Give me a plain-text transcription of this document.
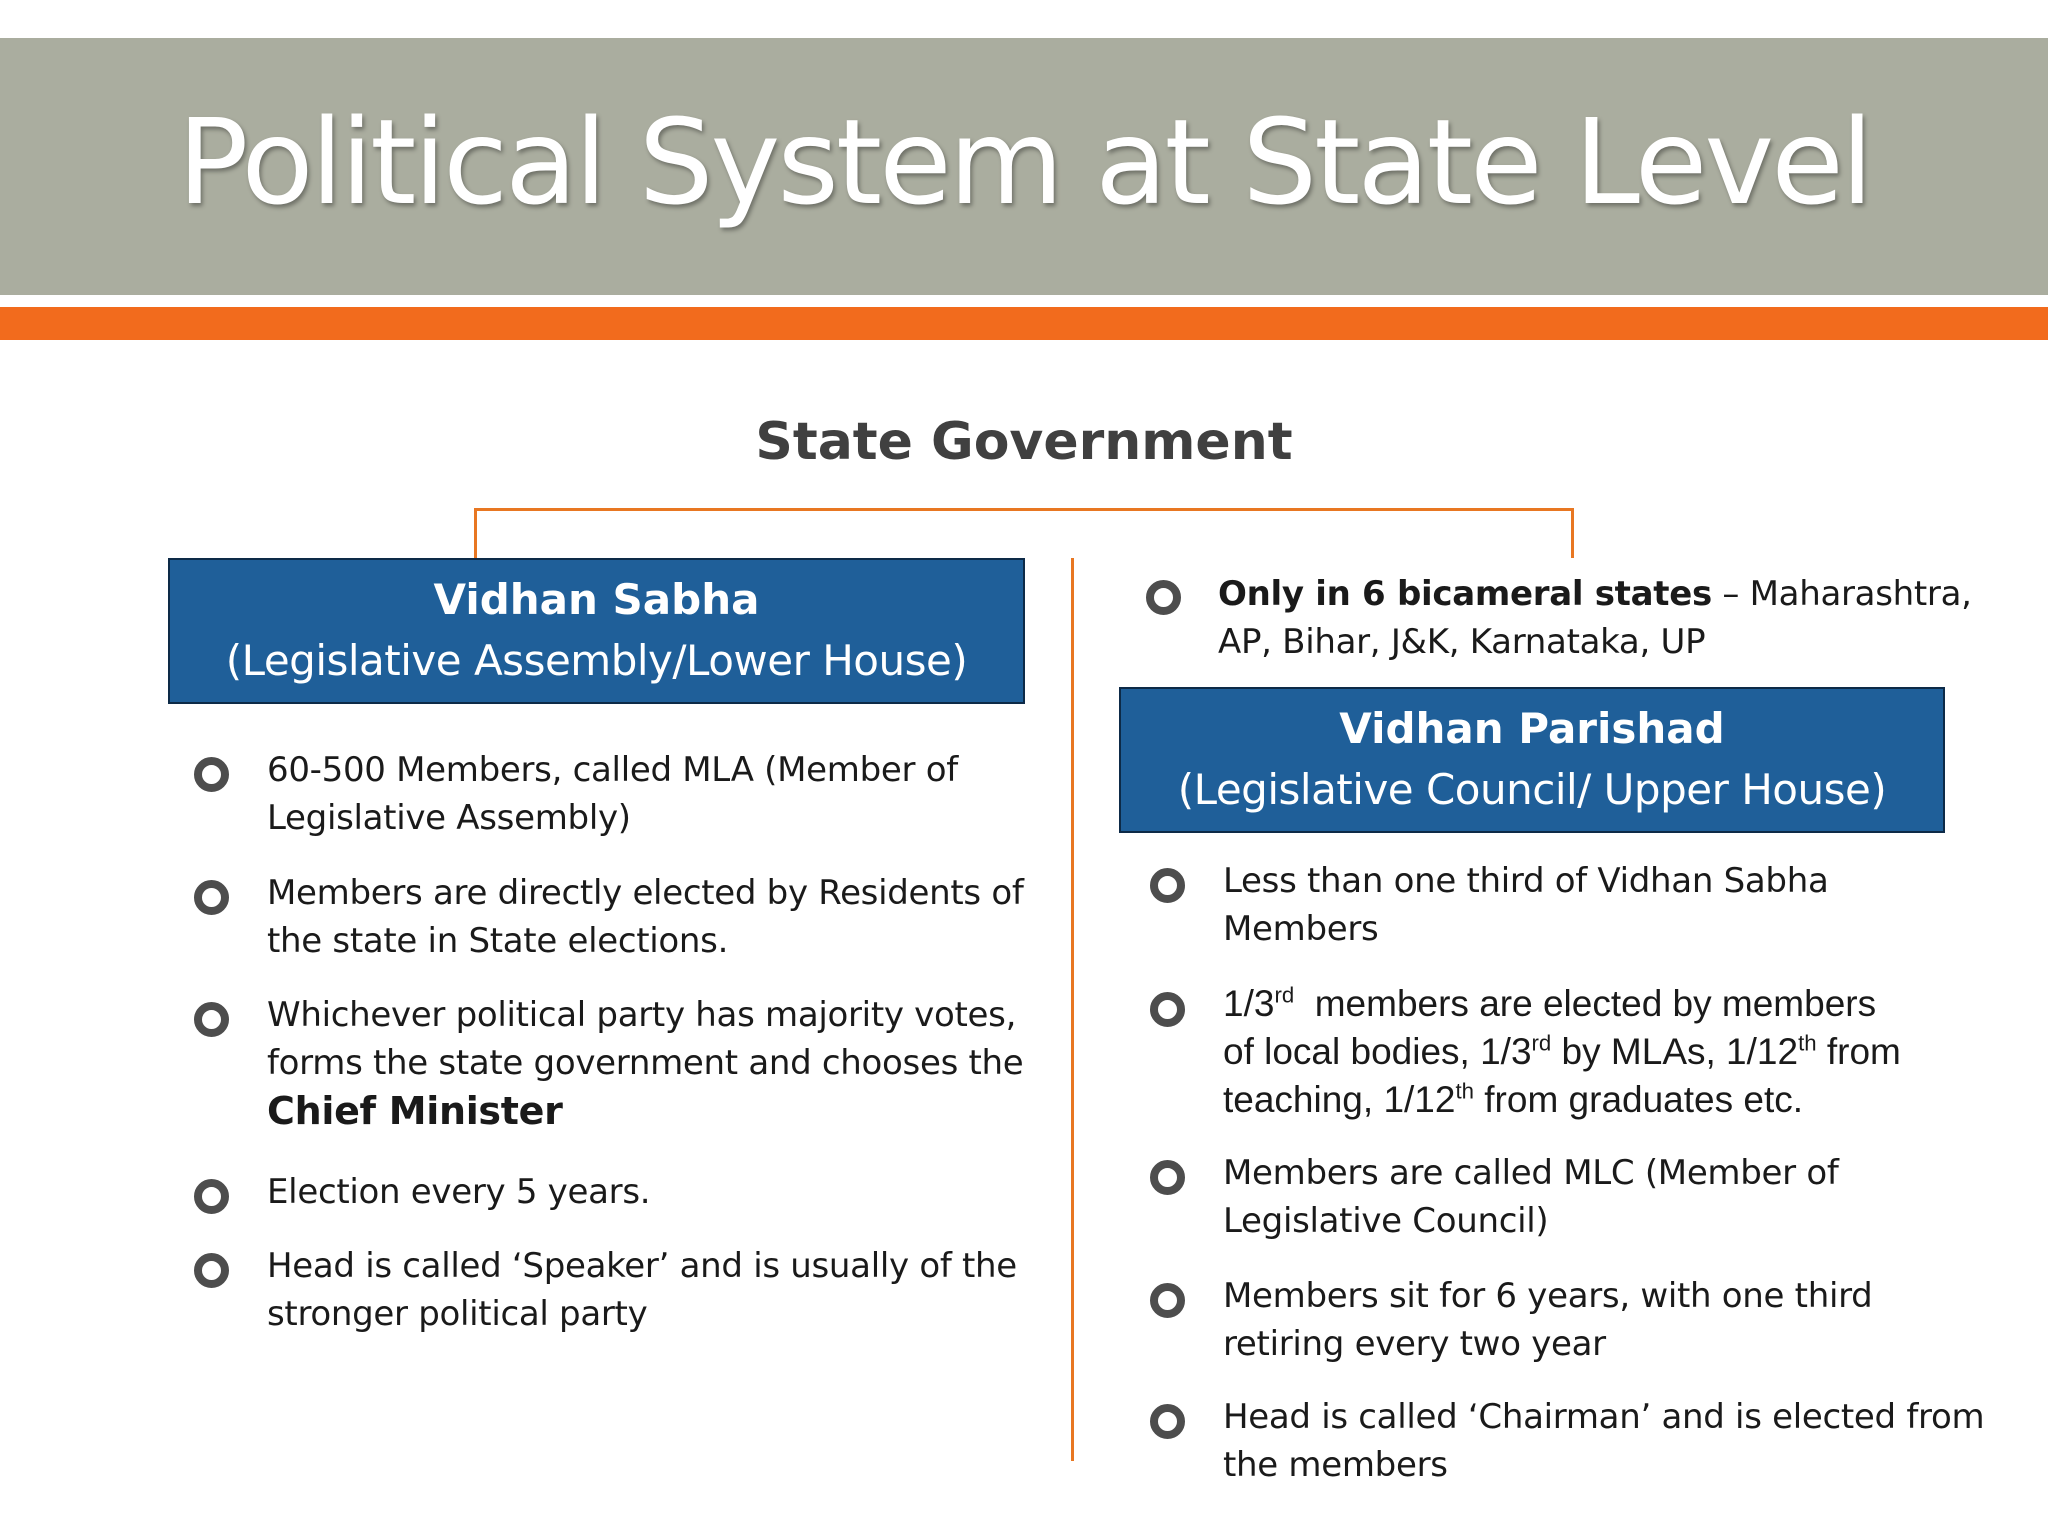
Political System at State Level
State Government
Vidhan Sabha
(Legislative Assembly/Lower House)
60-500 Members, called MLA (Member of
Legislative Assembly)
Members are directly elected by Residents of
the state in State elections.
Whichever political party has majority votes,
forms the state government and chooses the
Chief Minister
Election every 5 years.
Head is called ‘Speaker’ and is usually of the
stronger political party
Only in 6 bicameral states – Maharashtra,
AP, Bihar, J&K, Karnataka, UP
Vidhan Parishad
(Legislative Council/ Upper House)
Less than one third of Vidhan Sabha
Members
1/3rd  members are elected by members
of local bodies, 1/3rd by MLAs, 1/12th from
teaching, 1/12th from graduates etc.
Members are called MLC (Member of
Legislative Council)
Members sit for 6 years, with one third
retiring every two year
Head is called ‘Chairman’ and is elected from
the members
